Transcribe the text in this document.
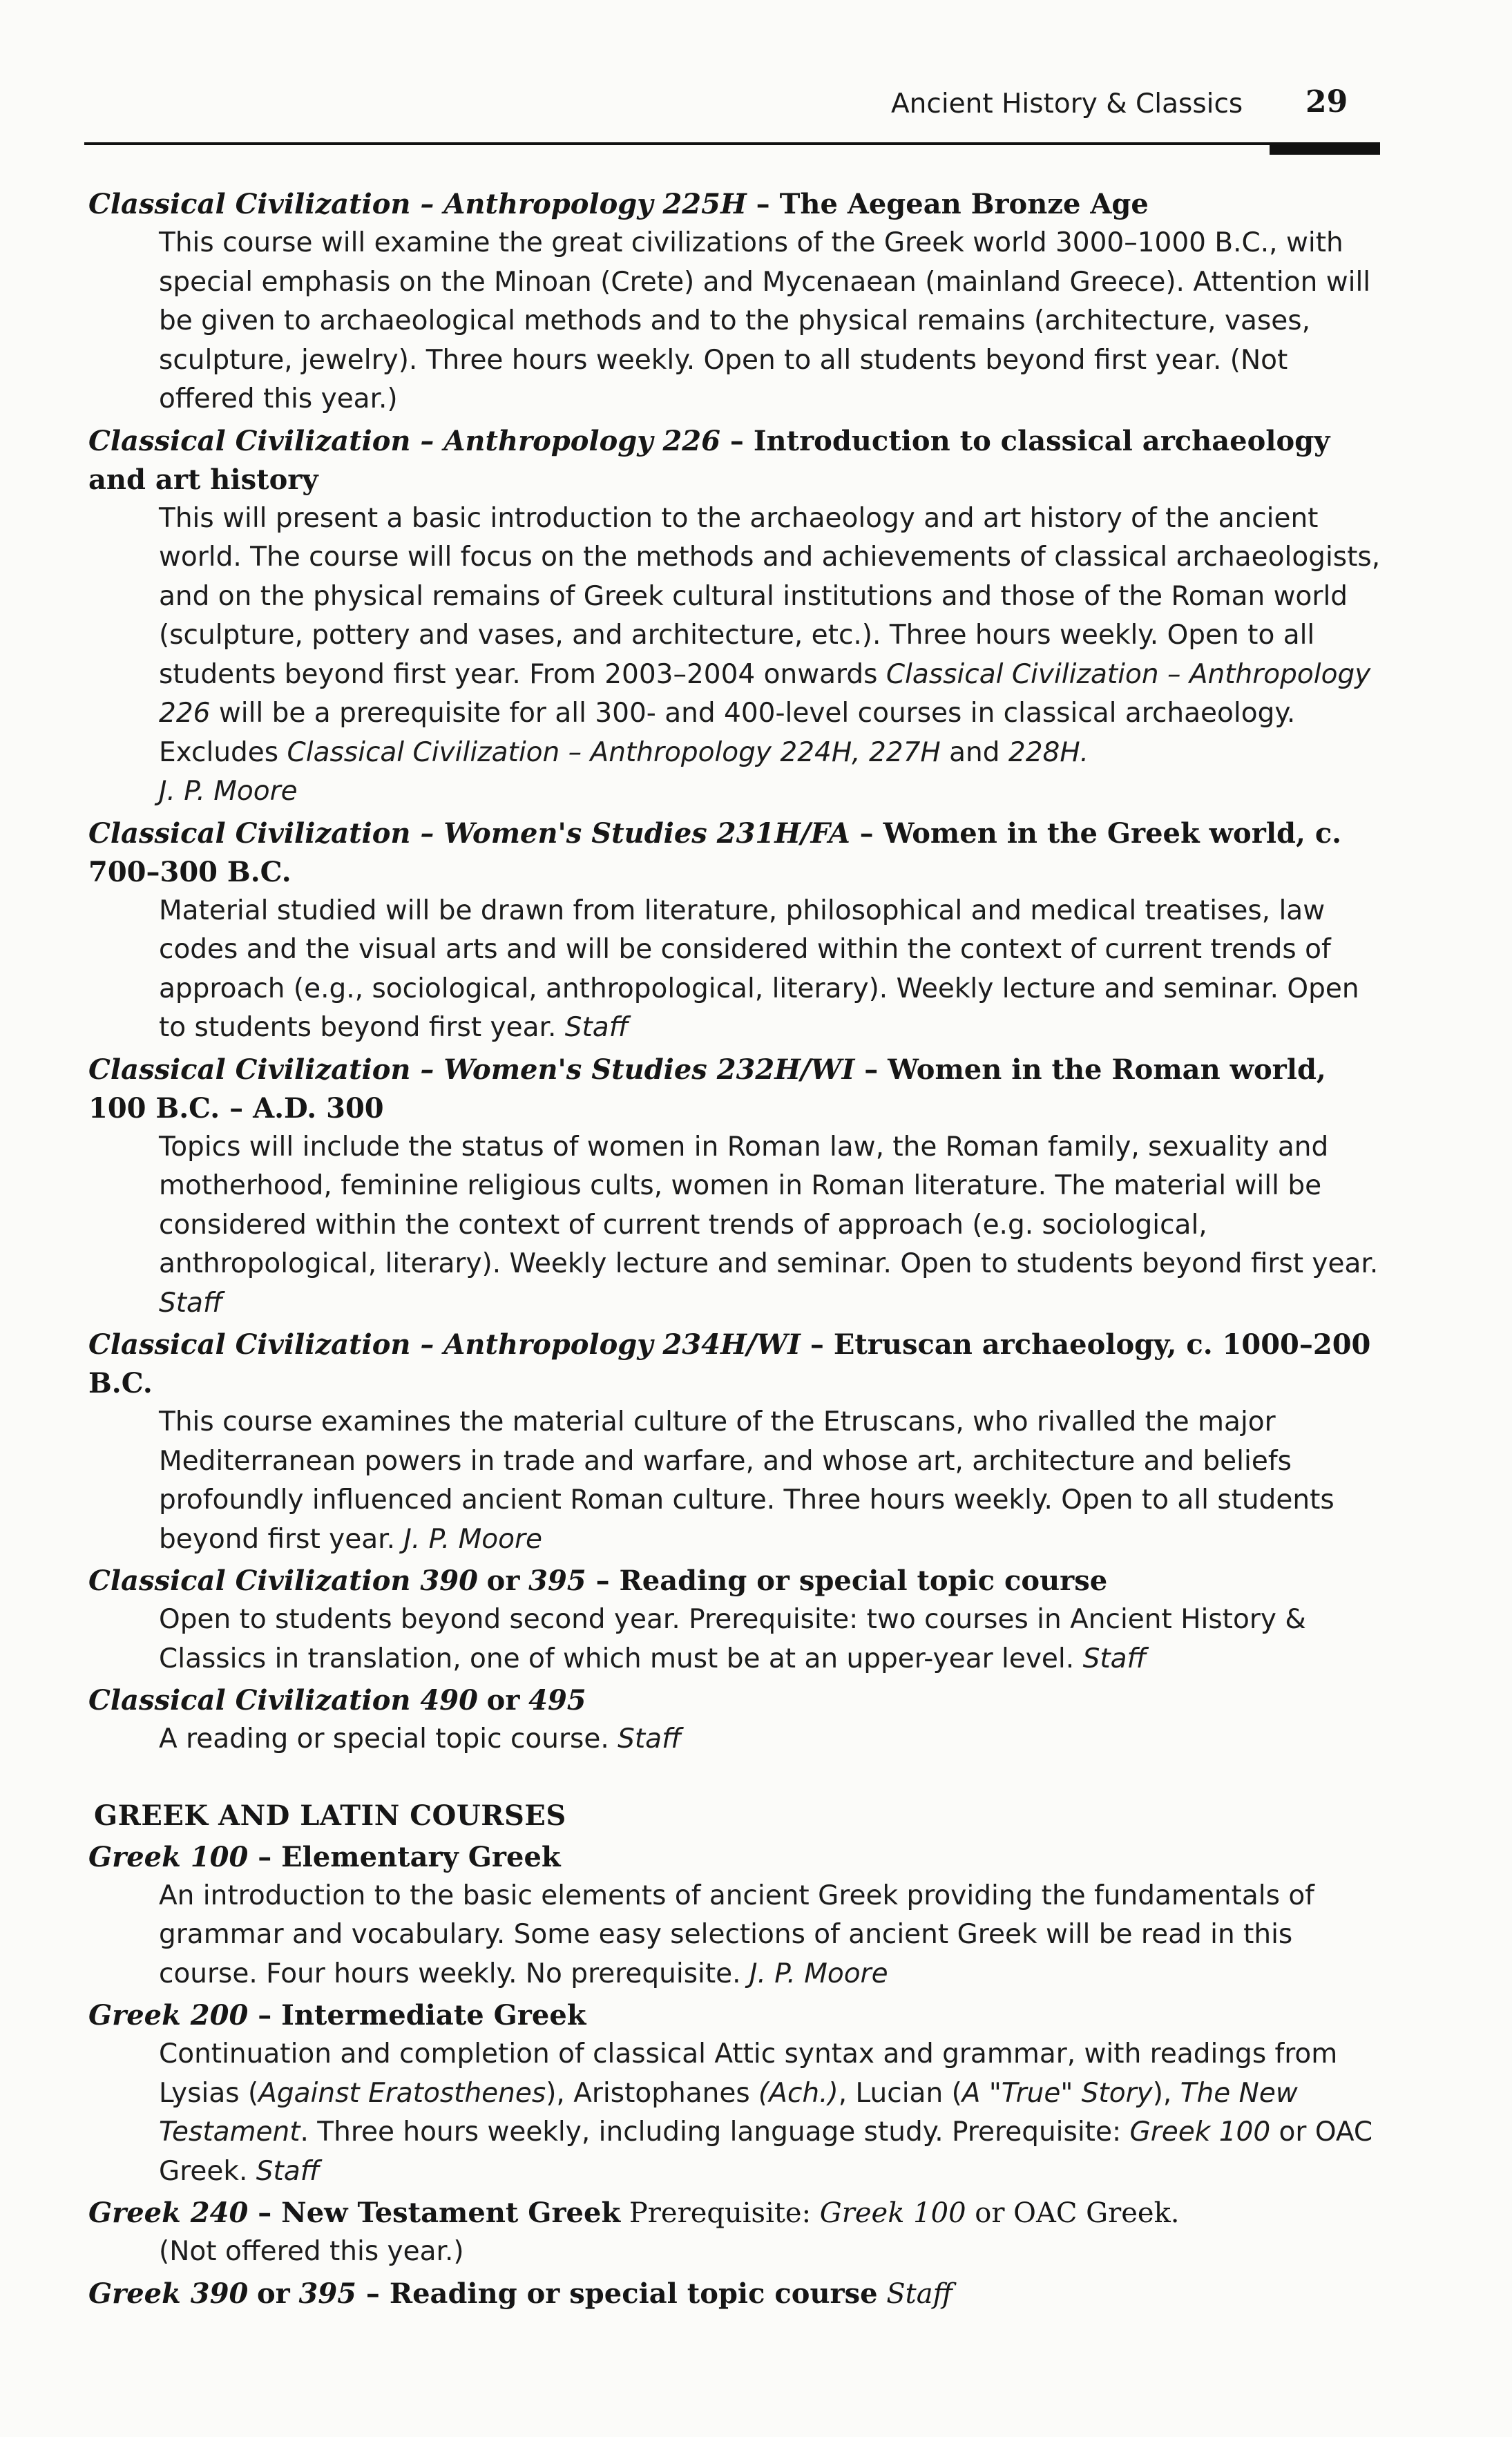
Ancient History & Classics 29

Classical Civilization – Anthropology 225H – The Aegean Bronze Age

This course will examine the great civilizations of the Greek world 3000–1000 B.C., with special emphasis on the Minoan (Crete) and Mycenaean (mainland Greece). Attention will be given to archaeological methods and to the physical remains (architecture, vases, sculpture, jewelry). Three hours weekly. Open to all students beyond first year. (Not offered this year.)

Classical Civilization – Anthropology 226 – Introduction to classical archaeology and art history

This will present a basic introduction to the archaeology and art history of the ancient world. The course will focus on the methods and achievements of classical archaeologists, and on the physical remains of Greek cultural institutions and those of the Roman world (sculpture, pottery and vases, and architecture, etc.). Three hours weekly. Open to all students beyond first year. From 2003–2004 onwards Classical Civilization – Anthropology 226 will be a prerequisite for all 300- and 400-level courses in classical archaeology. Excludes Classical Civilization – Anthropology 224H, 227H and 228H.
J. P. Moore

Classical Civilization – Women's Studies 231H/FA – Women in the Greek world, c. 700–300 B.C.

Material studied will be drawn from literature, philosophical and medical treatises, law codes and the visual arts and will be considered within the context of current trends of approach (e.g., sociological, anthropological, literary). Weekly lecture and seminar. Open to students beyond first year. Staff

Classical Civilization – Women's Studies 232H/WI – Women in the Roman world, 100 B.C. – A.D. 300

Topics will include the status of women in Roman law, the Roman family, sexuality and motherhood, feminine religious cults, women in Roman literature. The material will be considered within the context of current trends of approach (e.g. sociological, anthropological, literary). Weekly lecture and seminar. Open to students beyond first year. Staff

Classical Civilization – Anthropology 234H/WI – Etruscan archaeology, c. 1000–200 B.C.

This course examines the material culture of the Etruscans, who rivalled the major Mediterranean powers in trade and warfare, and whose art, architecture and beliefs profoundly influenced ancient Roman culture. Three hours weekly. Open to all students beyond first year. J. P. Moore

Classical Civilization 390 or 395 – Reading or special topic course

Open to students beyond second year. Prerequisite: two courses in Ancient History & Classics in translation, one of which must be at an upper-year level. Staff

Classical Civilization 490 or 495

A reading or special topic course. Staff

GREEK AND LATIN COURSES

Greek 100 – Elementary Greek

An introduction to the basic elements of ancient Greek providing the fundamentals of grammar and vocabulary. Some easy selections of ancient Greek will be read in this course. Four hours weekly. No prerequisite. J. P. Moore

Greek 200 – Intermediate Greek

Continuation and completion of classical Attic syntax and grammar, with readings from Lysias (Against Eratosthenes), Aristophanes (Ach.), Lucian (A "True" Story), The New Testament. Three hours weekly, including language study. Prerequisite: Greek 100 or OAC Greek. Staff

Greek 240 – New Testament Greek Prerequisite: Greek 100 or OAC Greek.

(Not offered this year.)

Greek 390 or 395 – Reading or special topic course Staff
